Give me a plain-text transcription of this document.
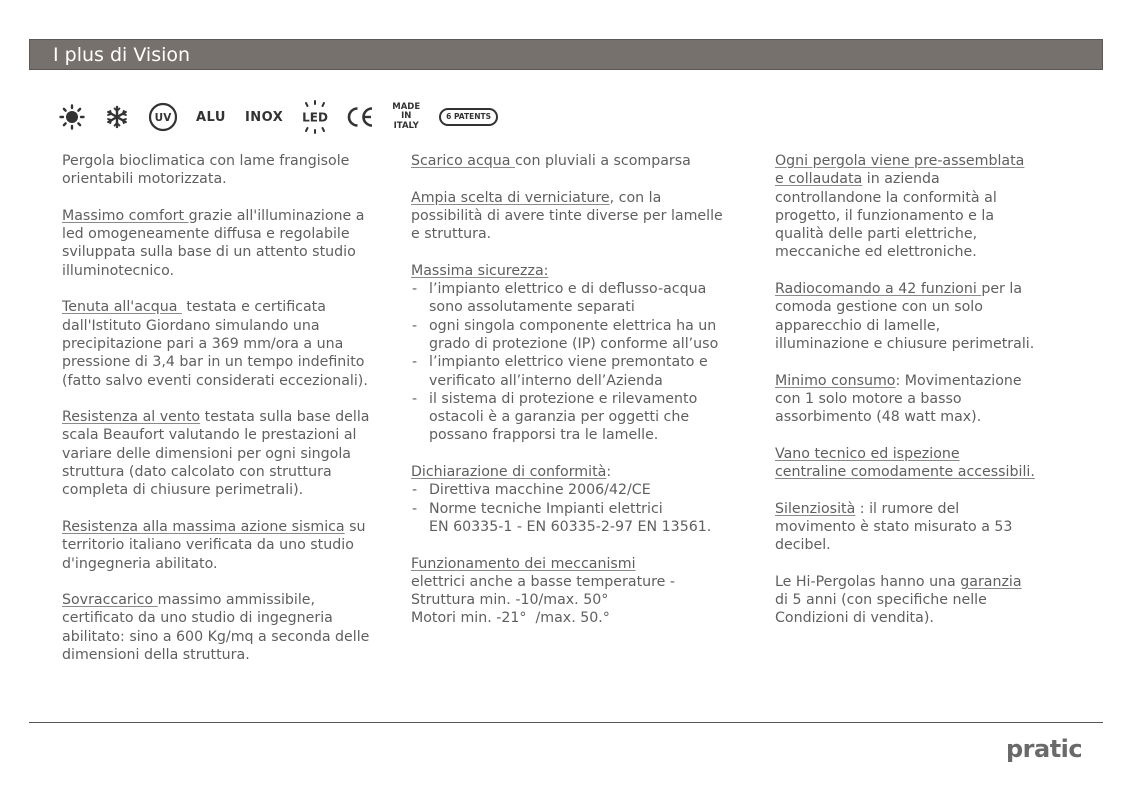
I plus di Vision
UV ALU INOX LED
MADE
IN
ITALY
6 PATENTS

Pergola bioclimatica con lame frangisole orientabili motorizzata.

Massimo comfort grazie all'illuminazione a led omogeneamente diffusa e regolabile sviluppata sulla base di un attento studio illuminotecnico.

Tenuta all'acqua  testata e certificata dall'Istituto Giordano simulando una precipitazione pari a 369 mm/ora a una pressione di 3,4 bar in un tempo indefinito (fatto salvo eventi considerati eccezionali).

Resistenza al vento testata sulla base della scala Beaufort valutando le prestazioni al variare delle dimensioni per ogni singola struttura (dato calcolato con struttura completa di chiusure perimetrali).

Resistenza alla massima azione sismica su territorio italiano verificata da uno studio d'ingegneria abilitato.

Sovraccarico massimo ammissibile, certificato da uno studio di ingegneria abilitato: sino a 600 Kg/mq a seconda delle dimensioni della struttura.

Scarico acqua con pluviali a scomparsa

Ampia scelta di verniciature, con la possibilità di avere tinte diverse per lamelle e struttura.

Massima sicurezza:
- l’impianto elettrico e di deflusso-acqua sono assolutamente separati
- ogni singola componente elettrica ha un grado di protezione (IP) conforme all’uso
- l’impianto elettrico viene premontato e verificato all’interno dell’Azienda
- il sistema di protezione e rilevamento ostacoli è a garanzia per oggetti che possano frapporsi tra le lamelle.
Dichiarazione di conformità:
- Direttiva macchine 2006/42/CE
- Norme tecniche Impianti elettrici
EN 60335-1 - EN 60335-2-97 EN 13561.
Funzionamento dei meccanismi
elettrici anche a basse temperature -
Struttura min. -10/max. 50°
Motori min. -21°  /max. 50.°

Ogni pergola viene pre-assemblata e collaudata in azienda controllandone la conformità al progetto, il funzionamento e la qualità delle parti elettriche, meccaniche ed elettroniche.

Radiocomando a 42 funzioni per la comoda gestione con un solo apparecchio di lamelle, illuminazione e chiusure perimetrali.

Minimo consumo: Movimentazione con 1 solo motore a basso assorbimento (48 watt max).

Vano tecnico ed ispezione centraline comodamente accessibili.

Silenziosità : il rumore del movimento è stato misurato a 53 decibel.

Le Hi-Pergolas hanno una garanzia di 5 anni (con specifiche nelle Condizioni di vendita).

pratic
